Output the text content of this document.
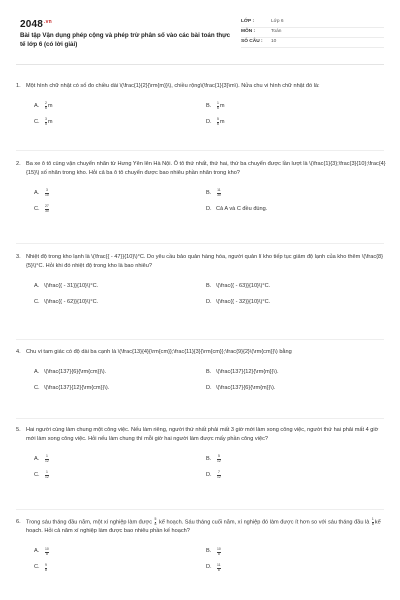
$2048^{.vn}$
Bài tập Vận dụng phép cộng và phép trừ phân số vào các bài toán thực tế lớp 6 (có lời giải)
LỚP :	Lớp 6
MÔN :	Toán
SỐ CÂU :	10
1. Một hình chữ nhật có số đo chiều dài \(\frac{1}{2}{\rm{m}}\), chiều rộng\(\frac{1}{3}\m\). Nửa chu vi hình chữ nhật đó là:
A.	$\frac{2}{6}$ m	B.	$\frac{1}{6}$ m
C.	$\frac{3}{5}$ m	D.	$\frac{5}{6}$ m
2. Ba xe ô tô cùng vận chuyển nhãn từ Hưng Yên lên Hà Nội. Ô tô thứ nhất, thứ hai, thứ ba chuyển được lần lượt là \(\frac{1}{3};\frac{3}{10};\frac{4}{15}\) số nhãn trong kho. Hỏi cả ba ô tô chuyển được bao nhiêu phần nhãn trong kho?
A.	$\frac{3}{10}$	B.	$\frac{11}{30}$
C.	$\frac{27}{30}$	D. Cả A và C đều đúng.
3. Nhiệt độ trong kho lạnh là \(\frac{{ - 47}}{10}\)°C. Do yêu cầu bảo quản hàng hóa, người quản lí kho tiếp tục giảm độ lạnh của kho thêm \(\frac{8}{5}\)°C. Hỏi khi đó nhiệt độ trong kho là bao nhiêu?
A. \(\frac{{ - 31}}{10}\)°C.	B. \(\frac{{ - 63}}{10}\)°C.
C. \(\frac{{ - 62}}{10}\)°C.	D. \(\frac{{ - 32}}{10}\)°C.
4. Chu vi tam giác có độ dài ba cạnh là \(\frac{13}{4}{\rm{cm}};\frac{11}{3}{\rm{cm}};\frac{9}{2}\(\rm{cm}}\) bằng
A. \(\frac{137}{6}{\rm{cm}}\).	B. \(\frac{137}{12}{\rm{m}}\).
C. \(\frac{137}{12}{\rm{cm}}\).	D. \(\frac{137}{6}{\rm{m}}\).
5. Hai người cùng làm chung một công việc. Nếu làm riêng, người thứ nhất phải mất 3 giờ mới làm xong công việc, người thứ hai phải mất 4 giờ mới làm xong công việc. Hỏi nếu làm chung thì mỗi giờ hai người làm được mấy phần công việc?
A.	$\frac{1}{12}$	B.	$\frac{5}{12}$
C.	$\frac{1}{12}$	D.	$\frac{7}{12}$
6. Trong sáu tháng đầu năm, một xí nghiệp làm được $\frac{5}{8}$ kế hoạch. Sáu tháng cuối năm, xí nghiệp đó làm được ít hơn so với sáu tháng đầu là $\frac{1}{8}$ kế hoạch. Hỏi cả năm xí nghiệp làm được bao nhiêu phần kế hoạch?
A.	$\frac{10}{8}$	B.	$\frac{10}{8}$
C.	$\frac{9}{8}$	D.	$\frac{11}{8}$
